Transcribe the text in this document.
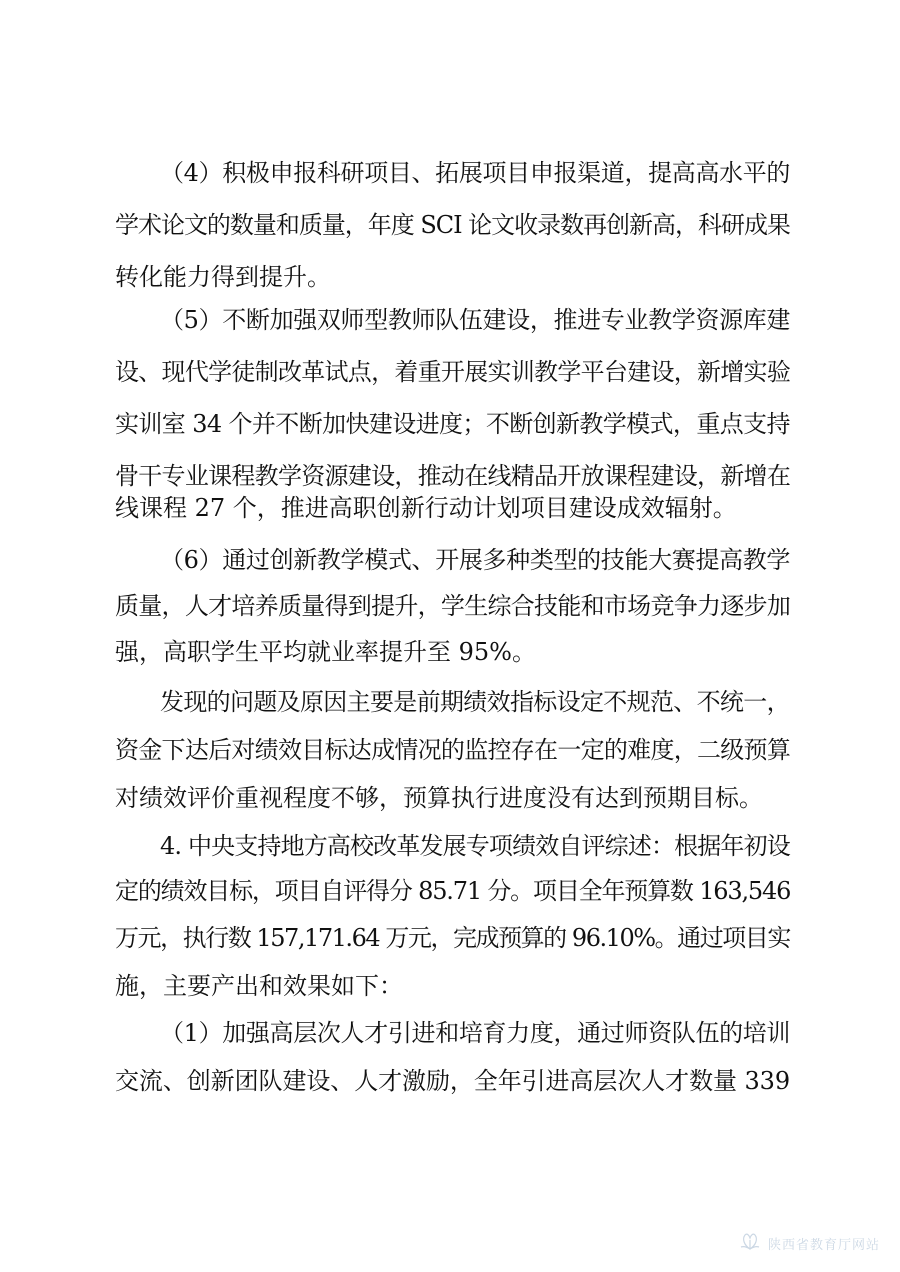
（4）积极申报科研项目、拓展项目申报渠道，提高高水平的
学术论文的数量和质量，年度 SCI 论文收录数再创新高，科研成果
转化能力得到提升。
（5）不断加强双师型教师队伍建设，推进专业教学资源库建
设、现代学徒制改革试点，着重开展实训教学平台建设，新增实验
实训室 34 个并不断加快建设进度；不断创新教学模式，重点支持
骨干专业课程教学资源建设，推动在线精品开放课程建设，新增在
线课程 27 个，推进高职创新行动计划项目建设成效辐射。
（6）通过创新教学模式、开展多种类型的技能大赛提高教学
质量，人才培养质量得到提升，学生综合技能和市场竞争力逐步加
强，高职学生平均就业率提升至 95%。
发现的问题及原因主要是前期绩效指标设定不规范、不统一，
资金下达后对绩效目标达成情况的监控存在一定的难度，二级预算
对绩效评价重视程度不够，预算执行进度没有达到预期目标。
4. 中央支持地方高校改革发展专项绩效自评综述：根据年初设
定的绩效目标，项目自评得分 85.71 分。项目全年预算数 163,546
万元，执行数 157,171.64 万元，完成预算的 96.10%。通过项目实
施，主要产出和效果如下：
（1）加强高层次人才引进和培育力度，通过师资队伍的培训
交流、创新团队建设、人才激励，全年引进高层次人才数量 339
陕西省教育厅网站
